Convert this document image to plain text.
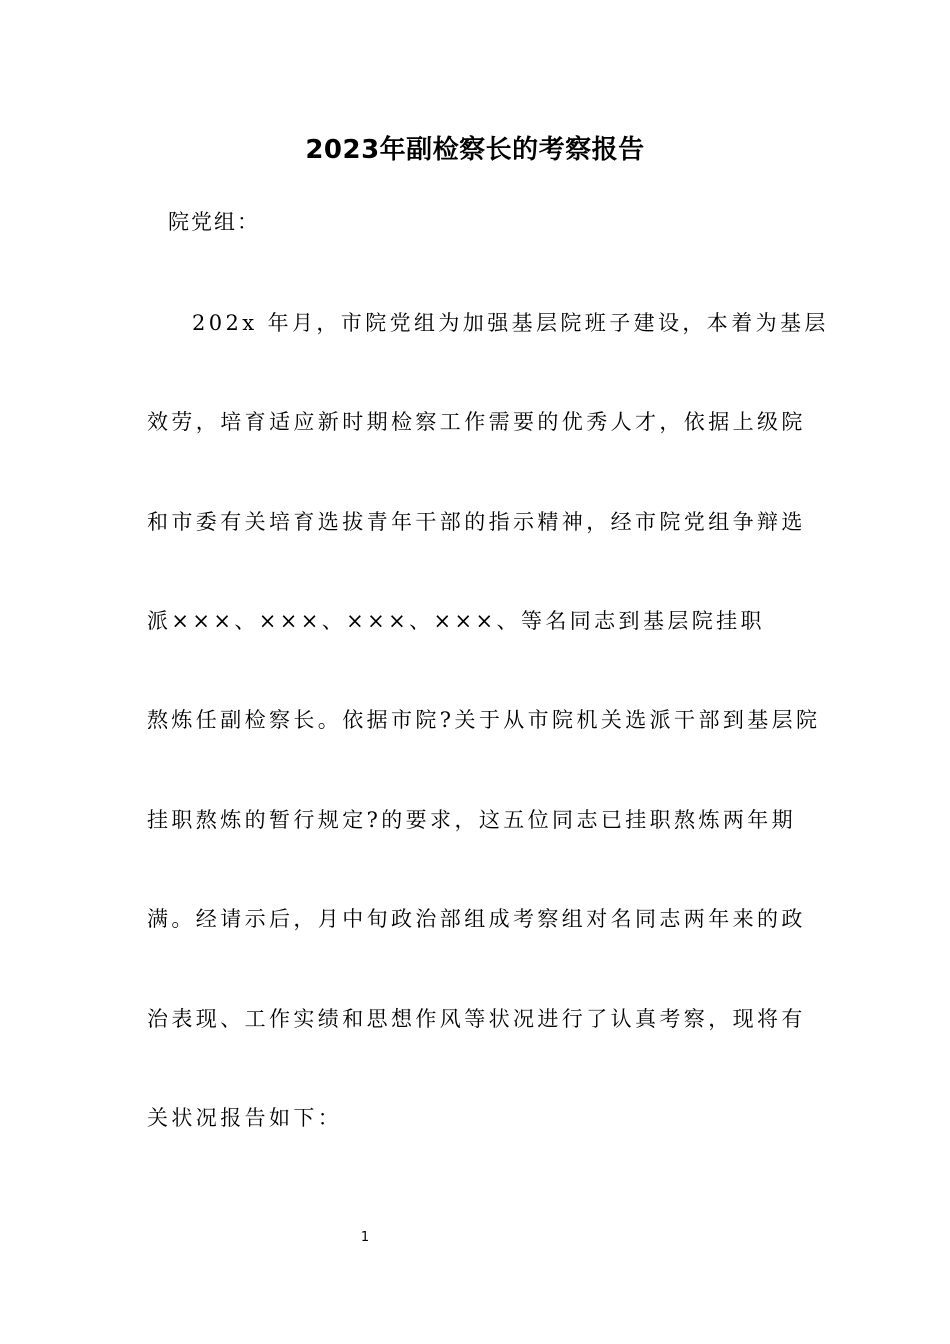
2023年副检察长的考察报告
院党组：
202x 年月，市院党组为加强基层院班子建设，本着为基层
效劳，培育适应新时期检察工作需要的优秀人才，依据上级院
和市委有关培育选拔青年干部的指示精神，经市院党组争辩选
派×××、×××、×××、×××、等名同志到基层院挂职
熬炼任副检察长。依据市院?关于从市院机关选派干部到基层院
挂职熬炼的暂行规定?的要求，这五位同志已挂职熬炼两年期
满。经请示后，月中旬政治部组成考察组对名同志两年来的政
治表现、工作实绩和思想作风等状况进行了认真考察，现将有
关状况报告如下：
1
